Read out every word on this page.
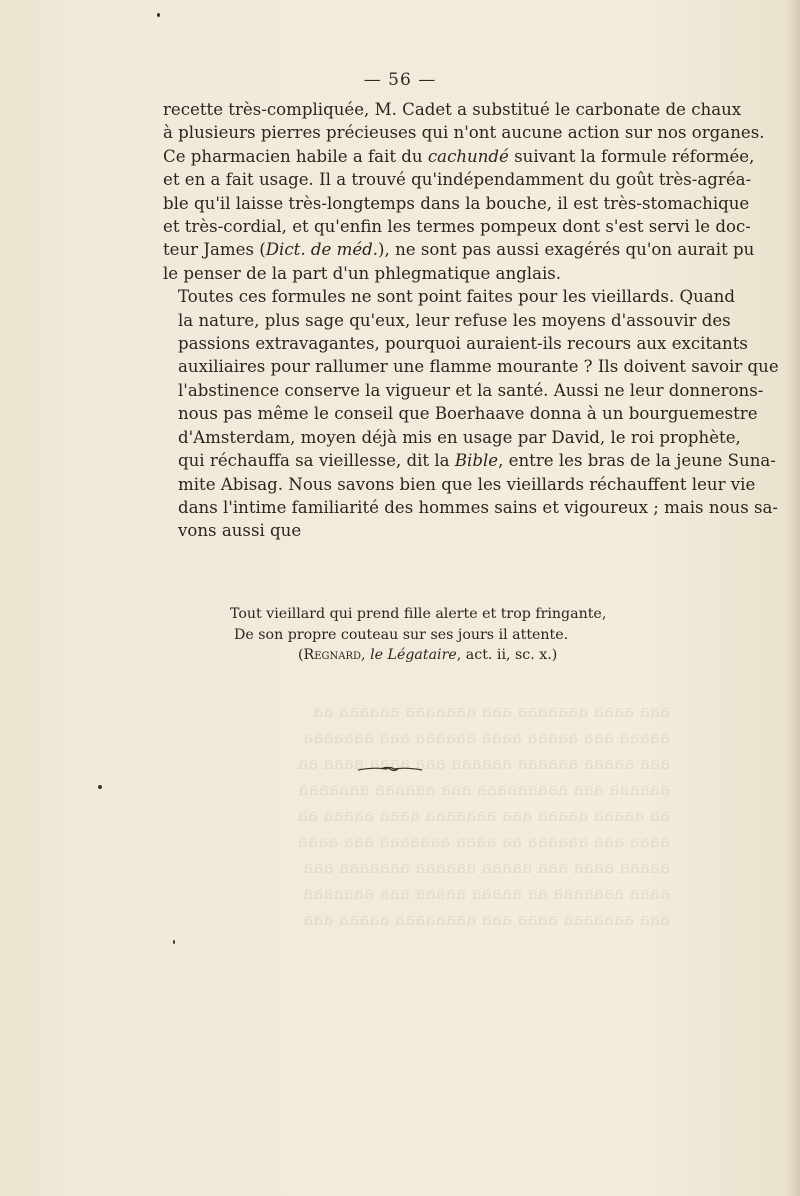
aaa aaaa aaaaaaa aaa aaaaaaa aaaaaa aa
aaaaa aaa aaaaa aaaa aaaaaa aaa aaaaaaa
aaa aaaaa aaaaaa aaaaaa aaa aaaa aaaa aa
aaaaaa aaa aaaaaaaaa aaa aaaaaa aaaaaaa
aa aaaaa aaaaa aaa aaaaaaa aaaa aaaaa aa
aaaa aaa aaaaaa aa aaaa aaaaaaa aaa aaaa
aaaaa aaaa aaa aaaaa aaaaaa aaaaaaa aaa
aaaa aaaaaaa aa aaaaa aaaaa aaa aaaaaaa
aaa aaaaaaa aaaa aaa aaaaaaaa aaaaa aaa
— 56 —

recette très-compliquée, M. Cadet a substitué le carbonate de chaux
à plusieurs pierres précieuses qui n'ont aucune action sur nos organes.
Ce pharmacien habile a fait du cachundé suivant la formule réformée,
et en a fait usage. Il a trouvé qu'indépendamment du goût très-agréa-
ble qu'il laisse très-longtemps dans la bouche, il est très-stomachique
et très-cordial, et qu'enfin les termes pompeux dont s'est servi le doc-
teur James (Dict. de méd.), ne sont pas aussi exagérés qu'on aurait pu
le penser de la part d'un phlegmatique anglais.

Toutes ces formules ne sont point faites pour les vieillards. Quand
la nature, plus sage qu'eux, leur refuse les moyens d'assouvir des
passions extravagantes, pourquoi auraient-ils recours aux excitants
auxiliaires pour rallumer une flamme mourante ? Ils doivent savoir que
l'abstinence conserve la vigueur et la santé. Aussi ne leur donnerons-
nous pas même le conseil que Boerhaave donna à un bourguemestre
d'Amsterdam, moyen déjà mis en usage par David, le roi prophète,
qui réchauffa sa vieillesse, dit la Bible, entre les bras de la jeune Suna-
mite Abisag. Nous savons bien que les vieillards réchauffent leur vie
dans l'intime familiarité des hommes sains et vigoureux ; mais nous sa-
vons aussi que

Tout vieillard qui prend fille alerte et trop fringante,
De son propre couteau sur ses jours il attente.
(Regnard, le Légataire, act. ii, sc. x.)
